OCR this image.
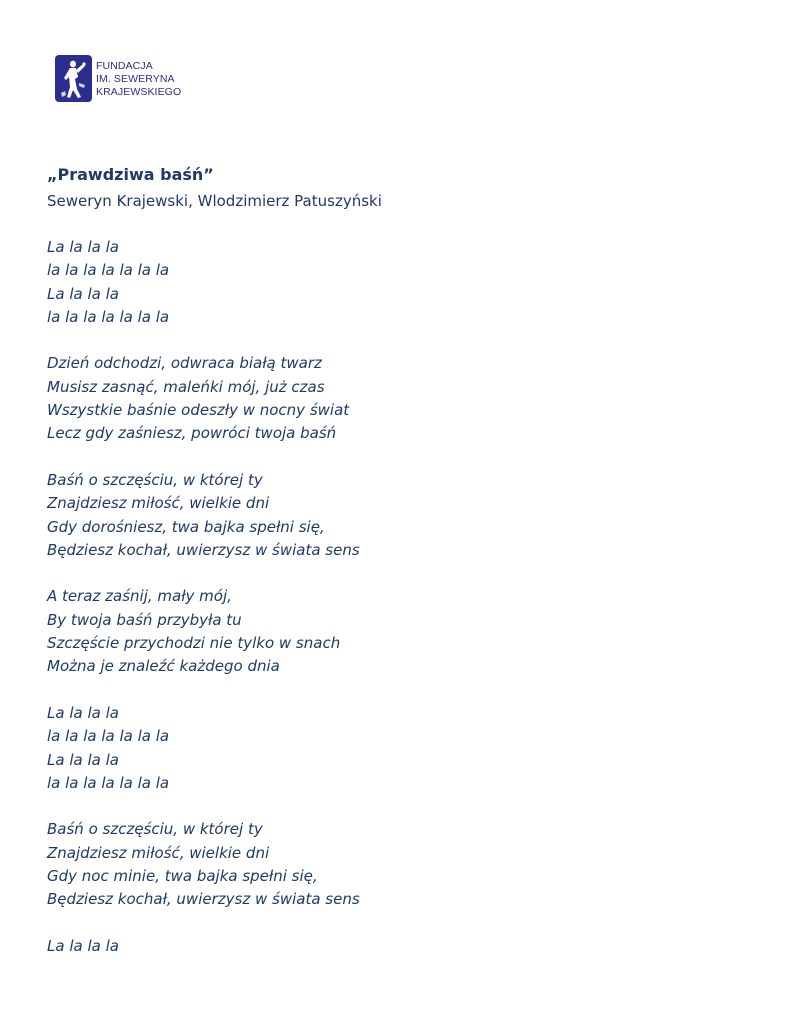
FUNDACJA
IM. SEWERYNA
KRAJEWSKIEGO
„Prawdziwa baśń”
Seweryn Krajewski, Wlodzimierz Patuszyński
La la la la
la la la la la la la
La la la la
la la la la la la la
Dzień odchodzi, odwraca białą twarz
Musisz zasnąć, maleńki mój, już czas
Wszystkie baśnie odeszły w nocny świat
Lecz gdy zaśniesz, powróci twoja baśń
Baśń o szczęściu, w której ty
Znajdziesz miłość, wielkie dni
Gdy dorośniesz, twa bajka spełni się,
Będziesz kochał, uwierzysz w świata sens
A teraz zaśnij, mały mój,
By twoja baśń przybyła tu
Szczęście przychodzi nie tylko w snach
Można je znaleźć każdego dnia
La la la la
la la la la la la la
La la la la
la la la la la la la
Baśń o szczęściu, w której ty
Znajdziesz miłość, wielkie dni
Gdy noc minie, twa bajka spełni się,
Będziesz kochał, uwierzysz w świata sens
La la la la
